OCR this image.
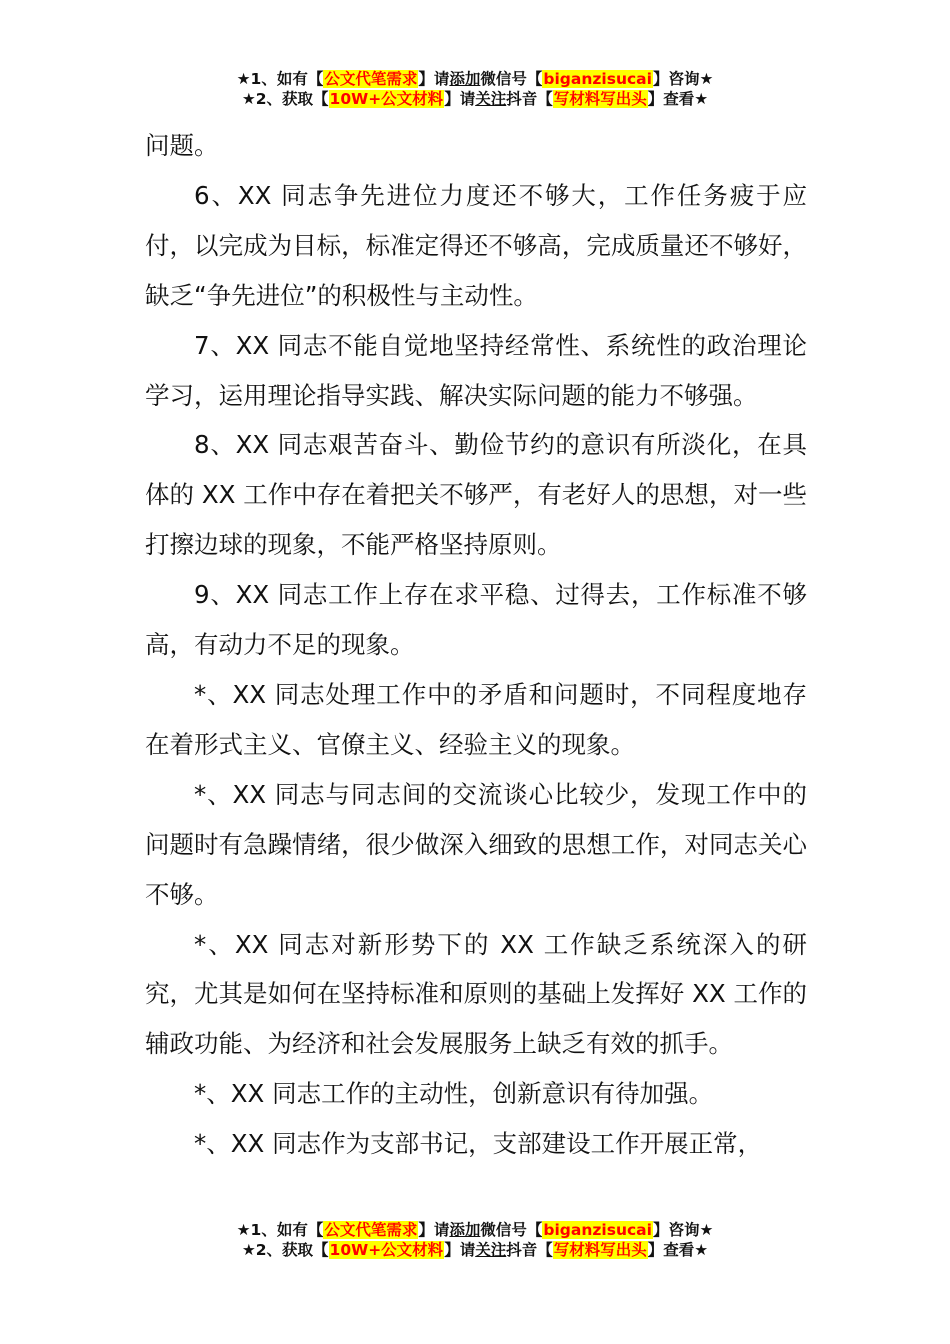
★1、如有【公文代笔需求】请添加微信号【biganzisucai】咨询★
★2、获取【10W+公文材料】请关注抖音【写材料写出头】查看★

问题。

6、XX 同志争先进位力度还不够大，工作任务疲于应付，以完成为目标，标准定得还不够高，完成质量还不够好，缺乏“争先进位”的积极性与主动性。

7、XX 同志不能自觉地坚持经常性、系统性的政治理论学习，运用理论指导实践、解决实际问题的能力不够强。

8、XX 同志艰苦奋斗、勤俭节约的意识有所淡化，在具体的 XX 工作中存在着把关不够严，有老好人的思想，对一些打擦边球的现象，不能严格坚持原则。

9、XX 同志工作上存在求平稳、过得去，工作标准不够高，有动力不足的现象。

*、XX 同志处理工作中的矛盾和问题时，不同程度地存在着形式主义、官僚主义、经验主义的现象。

*、XX 同志与同志间的交流谈心比较少，发现工作中的问题时有急躁情绪，很少做深入细致的思想工作，对同志关心不够。

*、XX 同志对新形势下的 XX 工作缺乏系统深入的研究，尤其是如何在坚持标准和原则的基础上发挥好 XX 工作的辅政功能、为经济和社会发展服务上缺乏有效的抓手。

*、XX 同志工作的主动性，创新意识有待加强。

*、XX 同志作为支部书记，支部建设工作开展正常，

★1、如有【公文代笔需求】请添加微信号【biganzisucai】咨询★
★2、获取【10W+公文材料】请关注抖音【写材料写出头】查看★
